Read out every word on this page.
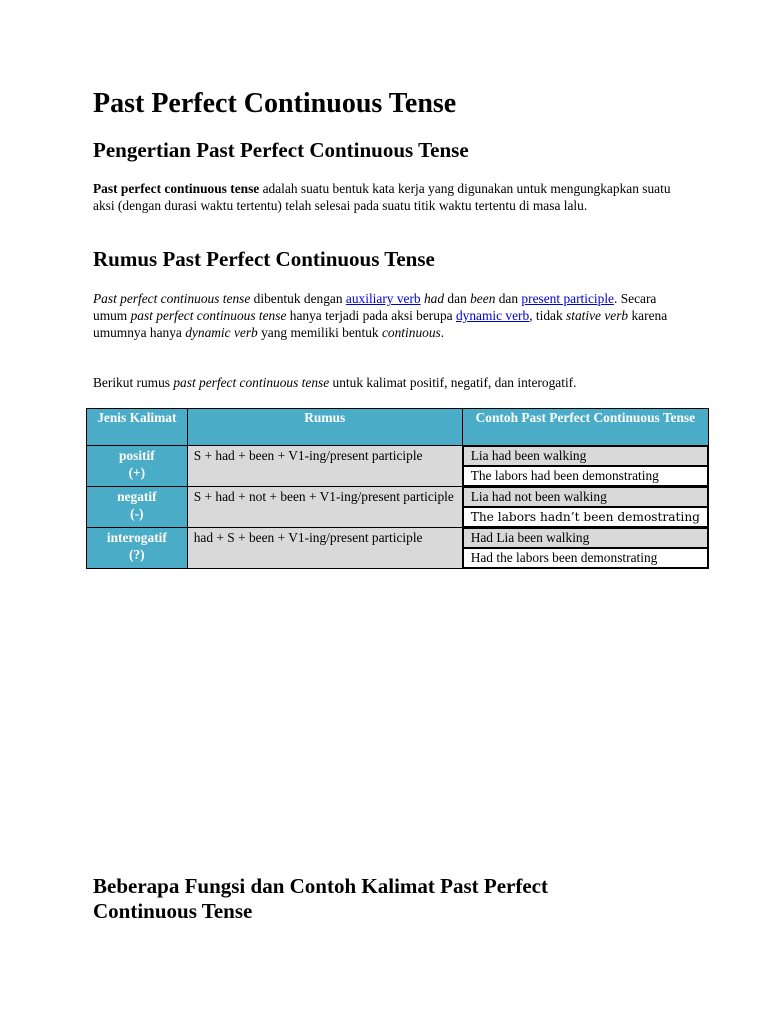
Past Perfect Continuous Tense
Pengertian Past Perfect Continuous Tense

Past perfect continuous tense adalah suatu bentuk kata kerja yang digunakan untuk mengungkapkan suatu aksi (dengan durasi waktu tertentu) telah selesai pada suatu titik waktu tertentu di masa lalu.

Rumus Past Perfect Continuous Tense

Past perfect continuous tense dibentuk dengan auxiliary verb had dan been dan present participle. Secara umum past perfect continuous tense hanya terjadi pada aksi berupa dynamic verb, tidak stative verb karena umumnya hanya dynamic verb yang memiliki bentuk continuous.

Berikut rumus past perfect continuous tense untuk kalimat positif, negatif, dan interogatif.

Jenis Kalimat	Rumus	Contoh Past Perfect Continuous Tense
positif
(+)	S + had + been + V1-ing/present participle	Lia had been walking
The labors had been demonstrating

negatif
(-)	S + had + not + been + V1-ing/present participle	Lia had not been walking
The labors hadn’t been demostrating

interogatif
(?)	had + S + been + V1-ing/present participle	Had Lia been walking
Had the labors been demonstrating
Beberapa Fungsi dan Contoh Kalimat Past Perfect Continuous Tense
